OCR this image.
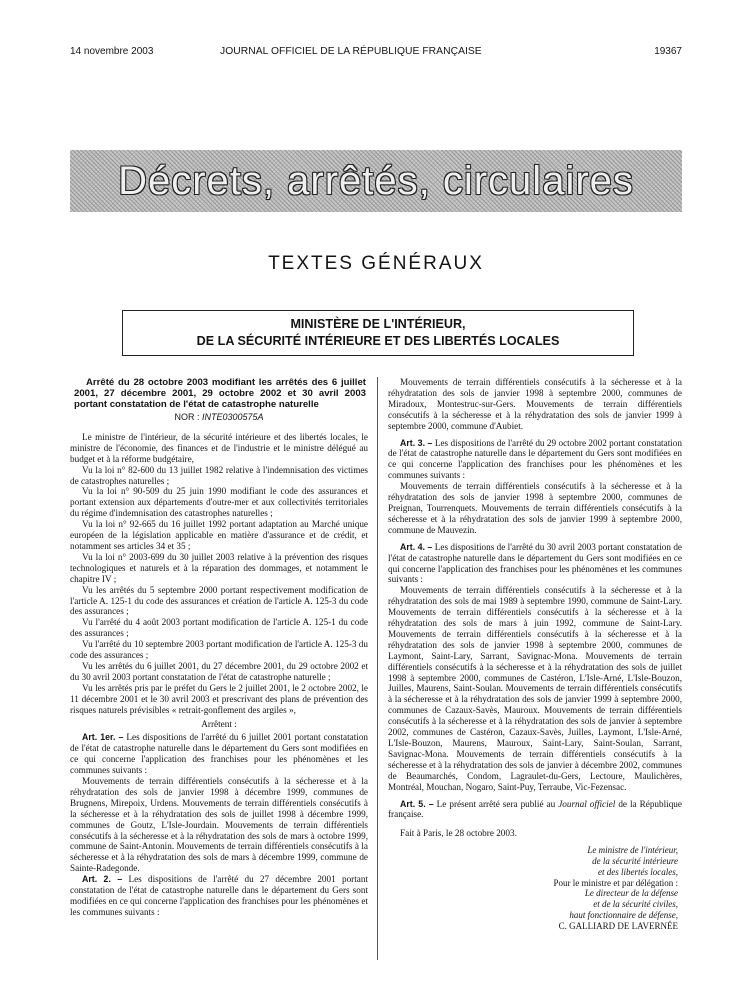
14 novembre 2003	JOURNAL OFFICIEL DE LA RÉPUBLIQUE FRANÇAISE	19367
Décrets, arrêtés, circulaires
TEXTES GÉNÉRAUX
MINISTÈRE DE L'INTÉRIEUR,
DE LA SÉCURITÉ INTÉRIEURE ET DES LIBERTÉS LOCALES

Arrêté du 28 octobre 2003 modifiant les arrêtés des 6 juillet 2001, 27 décembre 2001, 29 octobre 2002 et 30 avril 2003 portant constatation de l'état de catastrophe naturelle

NOR : INTE0300575A

Le ministre de l'intérieur, de la sécurité intérieure et des libertés locales, le ministre de l'économie, des finances et de l'industrie et le ministre délégué au budget et à la réforme budgétaire,

Vu la loi n° 82-600 du 13 juillet 1982 relative à l'indemnisation des victimes de catastrophes naturelles ;

Vu la loi n° 90-509 du 25 juin 1990 modifiant le code des assurances et portant extension aux départements d'outre-mer et aux collectivités territoriales du régime d'indemnisation des catastrophes naturelles ;

Vu la loi n° 92-665 du 16 juillet 1992 portant adaptation au Marché unique européen de la législation applicable en matière d'assurance et de crédit, et notamment ses articles 34 et 35 ;

Vu la loi n° 2003-699 du 30 juillet 2003 relative à la prévention des risques technologiques et naturels et à la réparation des dommages, et notamment le chapitre IV ;

Vu les arrêtés du 5 septembre 2000 portant respectivement modification de l'article A. 125-1 du code des assurances et création de l'article A. 125-3 du code des assurances ;

Vu l'arrêté du 4 août 2003 portant modification de l'article A. 125-1 du code des assurances ;

Vu l'arrêté du 10 septembre 2003 portant modification de l'article A. 125-3 du code des assurances ;

Vu les arrêtés du 6 juillet 2001, du 27 décembre 2001, du 29 octobre 2002 et du 30 avril 2003 portant constatation de l'état de catastrophe naturelle ;

Vu les arrêtés pris par le préfet du Gers le 2 juillet 2001, le 2 octobre 2002, le 11 décembre 2001 et le 30 avril 2003 et prescrivant des plans de prévention des risques naturels prévisibles « retrait-gonflement des argiles »,

Arrêtent :

Art. 1er. – Les dispositions de l'arrêté du 6 juillet 2001 portant constatation de l'état de catastrophe naturelle dans le département du Gers sont modifiées en ce qui concerne l'application des franchises pour les phénomènes et les communes suivants :

Mouvements de terrain différentiels consécutifs à la sécheresse et à la réhydratation des sols de janvier 1998 à décembre 1999, communes de Brugnens, Mirepoix, Urdens. Mouvements de terrain différentiels consécutifs à la sécheresse et à la réhydratation des sols de juillet 1998 à décembre 1999, communes de Goutz, L'Isle-Jourdain. Mouvements de terrain différentiels consécutifs à la sécheresse et à la réhydratation des sols de mars à octobre 1999, commune de Saint-Antonin. Mouvements de terrain différentiels consécutifs à la sécheresse et à la réhydratation des sols de mars à décembre 1999, commune de Sainte-Radegonde.

Art. 2. – Les dispositions de l'arrêté du 27 décembre 2001 portant constatation de l'état de catastrophe naturelle dans le département du Gers sont modifiées en ce qui concerne l'application des franchises pour les phénomènes et les communes suivants :

Mouvements de terrain différentiels consécutifs à la sécheresse et à la réhydratation des sols de janvier 1998 à septembre 2000, communes de Miradoux, Montestruc-sur-Gers. Mouvements de terrain différentiels consécutifs à la sécheresse et à la réhydratation des sols de janvier 1999 à septembre 2000, commune d'Aubiet.

Art. 3. – Les dispositions de l'arrêté du 29 octobre 2002 portant constatation de l'état de catastrophe naturelle dans le département du Gers sont modifiées en ce qui concerne l'application des franchises pour les phénomènes et les communes suivants :

Mouvements de terrain différentiels consécutifs à la sécheresse et à la réhydratation des sols de janvier 1998 à septembre 2000, communes de Preignan, Tourrenquets. Mouvements de terrain différentiels consécutifs à la sécheresse et à la réhydratation des sols de janvier 1999 à septembre 2000, commune de Mauvezin.

Art. 4. – Les dispositions de l'arrêté du 30 avril 2003 portant constatation de l'état de catastrophe naturelle dans le département du Gers sont modifiées en ce qui concerne l'application des franchises pour les phénomènes et les communes suivants :

Mouvements de terrain différentiels consécutifs à la sécheresse et à la réhydratation des sols de mai 1989 à septembre 1990, commune de Saint-Lary. Mouvements de terrain différentiels consécutifs à la sécheresse et à la réhydratation des sols de mars à juin 1992, commune de Saint-Lary. Mouvements de terrain différentiels consécutifs à la sécheresse et à la réhydratation des sols de janvier 1998 à septembre 2000, communes de Laymont, Saint-Lary, Sarrant, Savignac-Mona. Mouvements de terrain différentiels consécutifs à la sécheresse et à la réhydratation des sols de juillet 1998 à septembre 2000, communes de Castéron, L'Isle-Arné, L'Isle-Bouzon, Juilles, Maurens, Saint-Soulan. Mouvements de terrain différentiels consécutifs à la sécheresse et à la réhydratation des sols de janvier 1999 à septembre 2000, communes de Cazaux-Savès, Mauroux. Mouvements de terrain différentiels consécutifs à la sécheresse et à la réhydratation des sols de janvier à septembre 2002, communes de Castéron, Cazaux-Savès, Juilles, Laymont, L'Isle-Arné, L'Isle-Bouzon, Maurens, Mauroux, Saint-Lary, Saint-Soulan, Sarrant, Savignac-Mona. Mouvements de terrain différentiels consécutifs à la sécheresse et à la réhydratation des sols de janvier à décembre 2002, communes de Beaumarchés, Condom, Lagraulet-du-Gers, Lectoure, Maulichères, Montréal, Mouchan, Nogaro, Saint-Puy, Terraube, Vic-Fezensac.

Art. 5. – Le présent arrêté sera publié au Journal officiel de la République française.

Fait à Paris, le 28 octobre 2003.

Le ministre de l'intérieur,
de la sécurité intérieure
et des libertés locales,
Pour le ministre et par délégation :
Le directeur de la défense
et de la sécurité civiles,
haut fonctionnaire de défense,
C. GALLIARD DE LAVERNÉE
